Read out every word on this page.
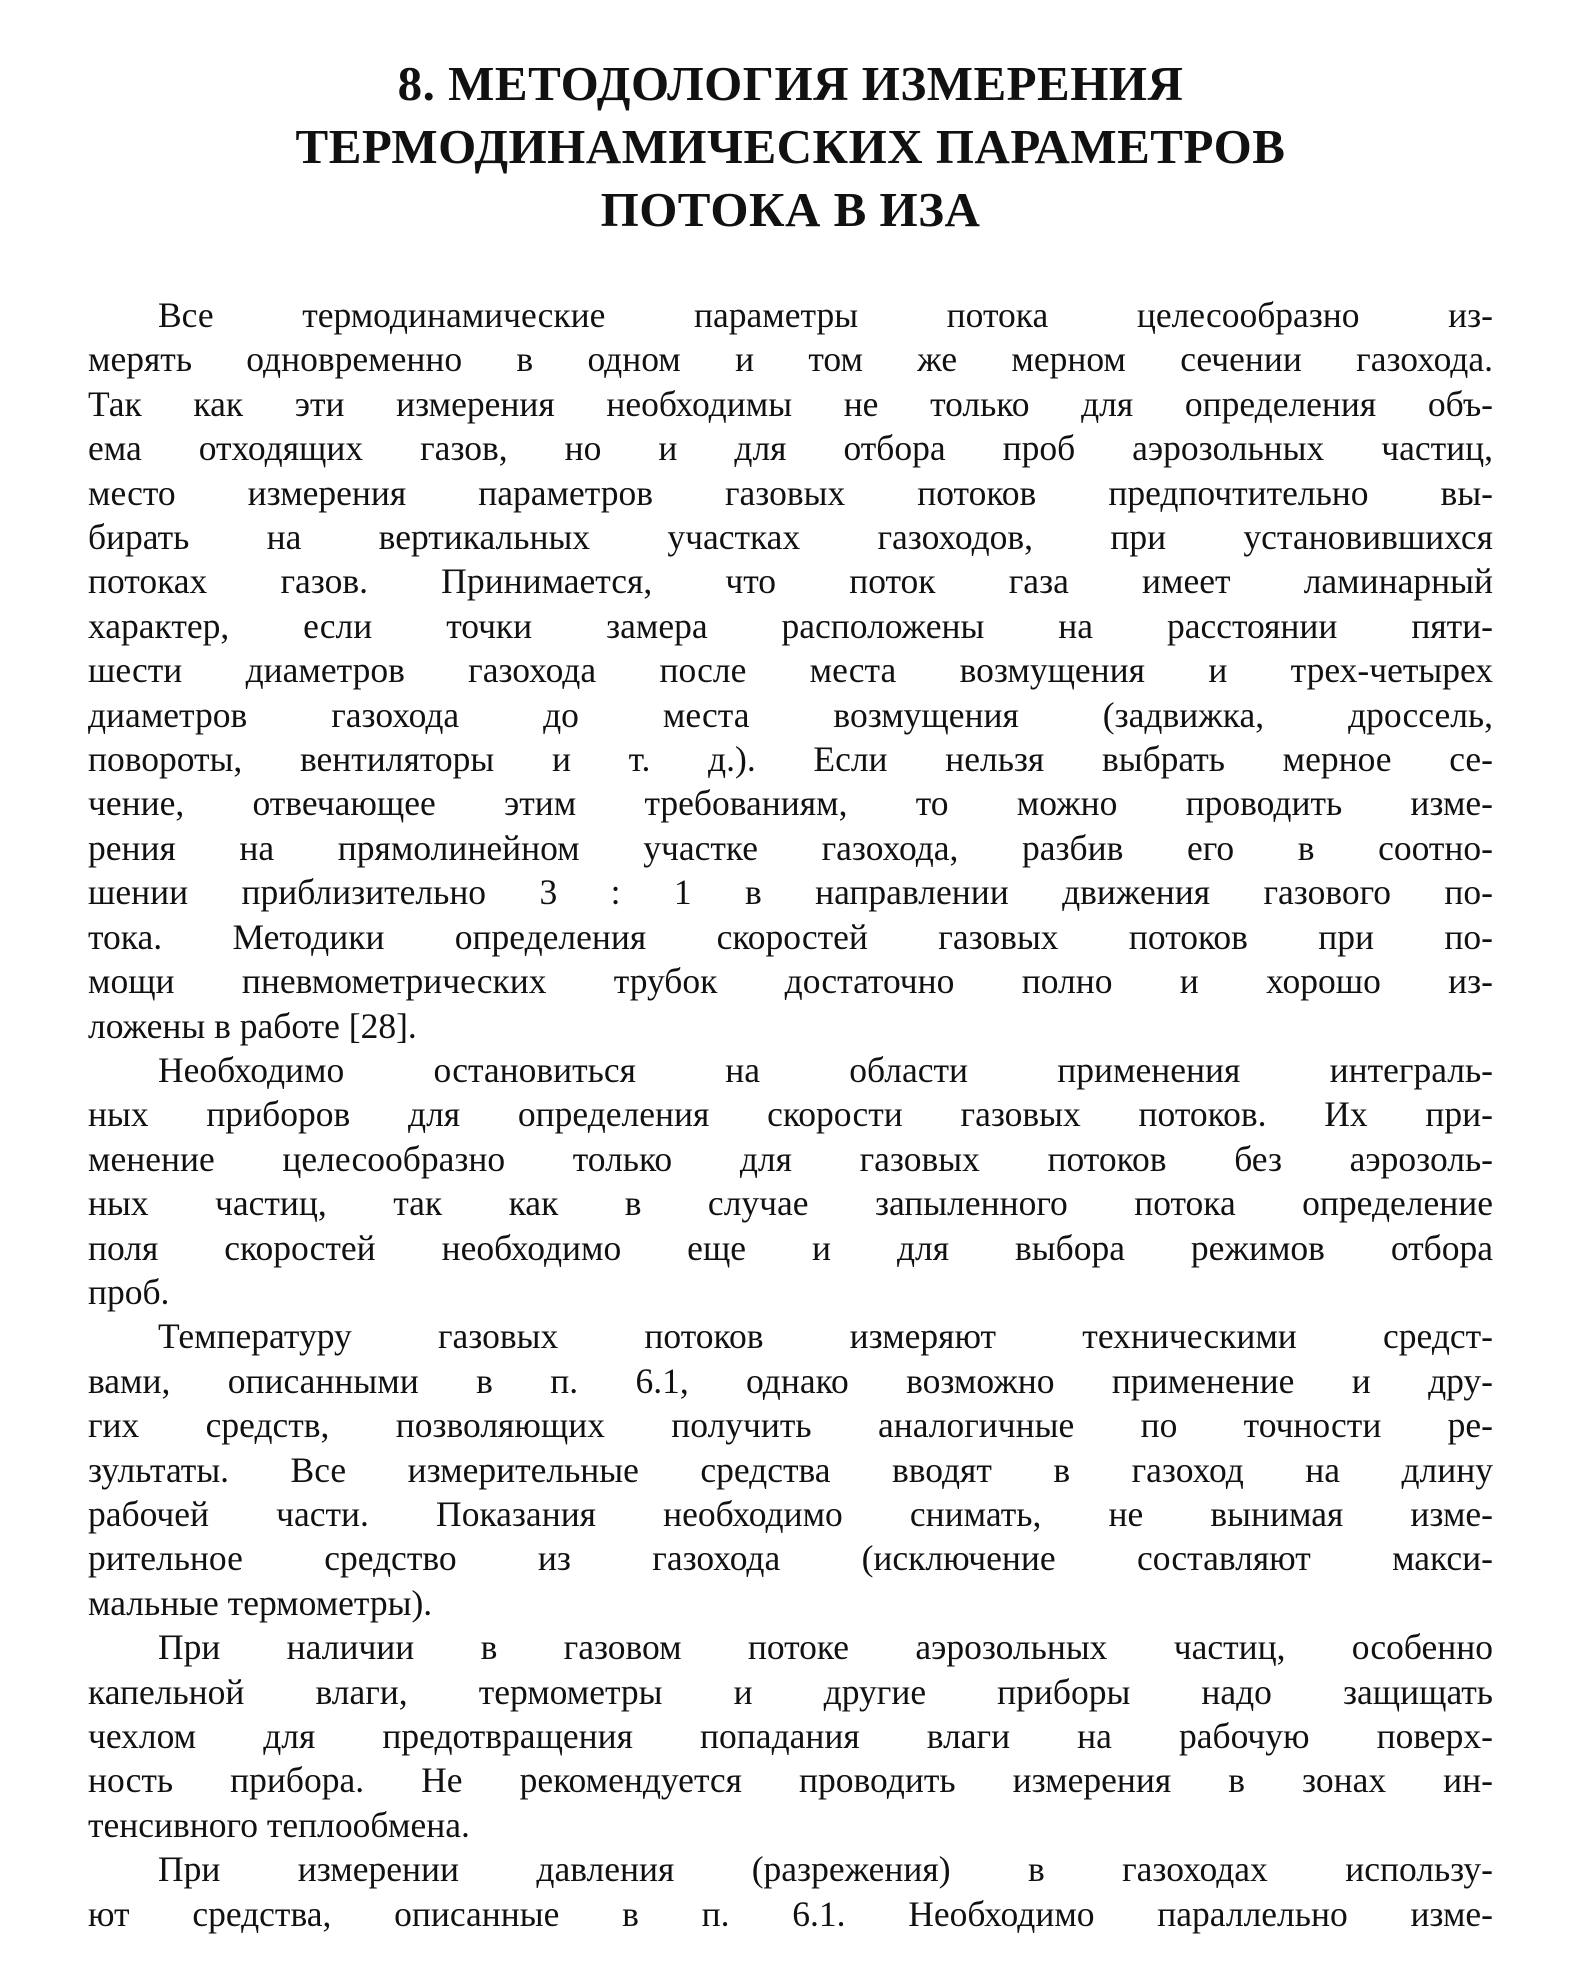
8. МЕТОДОЛОГИЯ ИЗМЕРЕНИЯ
ТЕРМОДИНАМИЧЕСКИХ ПАРАМЕТРОВ
ПОТОКА В ИЗА
Все термодинамические параметры потока целесообразно из-
мерять одновременно в одном и том же мерном сечении газохода.
Так как эти измерения необходимы не только для определения объ-
ема отходящих газов, но и для отбора проб аэрозольных частиц,
место измерения параметров газовых потоков предпочтительно вы-
бирать на вертикальных участках газоходов, при установившихся
потоках газов. Принимается, что поток газа имеет ламинарный
характер, если точки замера расположены на расстоянии пяти-
шести диаметров газохода после места возмущения и трех-четырех
диаметров газохода до места возмущения (задвижка, дроссель,
повороты, вентиляторы и т. д.). Если нельзя выбрать мерное се-
чение, отвечающее этим требованиям, то можно проводить изме-
рения на прямолинейном участке газохода, разбив его в соотно-
шении приблизительно 3 : 1 в направлении движения газового по-
тока. Методики определения скоростей газовых потоков при по-
мощи пневмометрических трубок достаточно полно и хорошо из-
ложены в работе [28].
Необходимо остановиться на области применения интеграль-
ных приборов для определения скорости газовых потоков. Их при-
менение целесообразно только для газовых потоков без аэрозоль-
ных частиц, так как в случае запыленного потока определение
поля скоростей необходимо еще и для выбора режимов отбора
проб.
Температуру газовых потоков измеряют техническими средст-
вами, описанными в п. 6.1, однако возможно применение и дру-
гих средств, позволяющих получить аналогичные по точности ре-
зультаты. Все измерительные средства вводят в газоход на длину
рабочей части. Показания необходимо снимать, не вынимая изме-
рительное средство из газохода (исключение составляют макси-
мальные термометры).
При наличии в газовом потоке аэрозольных частиц, особенно
капельной влаги, термометры и другие приборы надо защищать
чехлом для предотвращения попадания влаги на рабочую поверх-
ность прибора. Не рекомендуется проводить измерения в зонах ин-
тенсивного теплообмена.
При измерении давления (разрежения) в газоходах использу-
ют средства, описанные в п. 6.1. Необходимо параллельно изме-
